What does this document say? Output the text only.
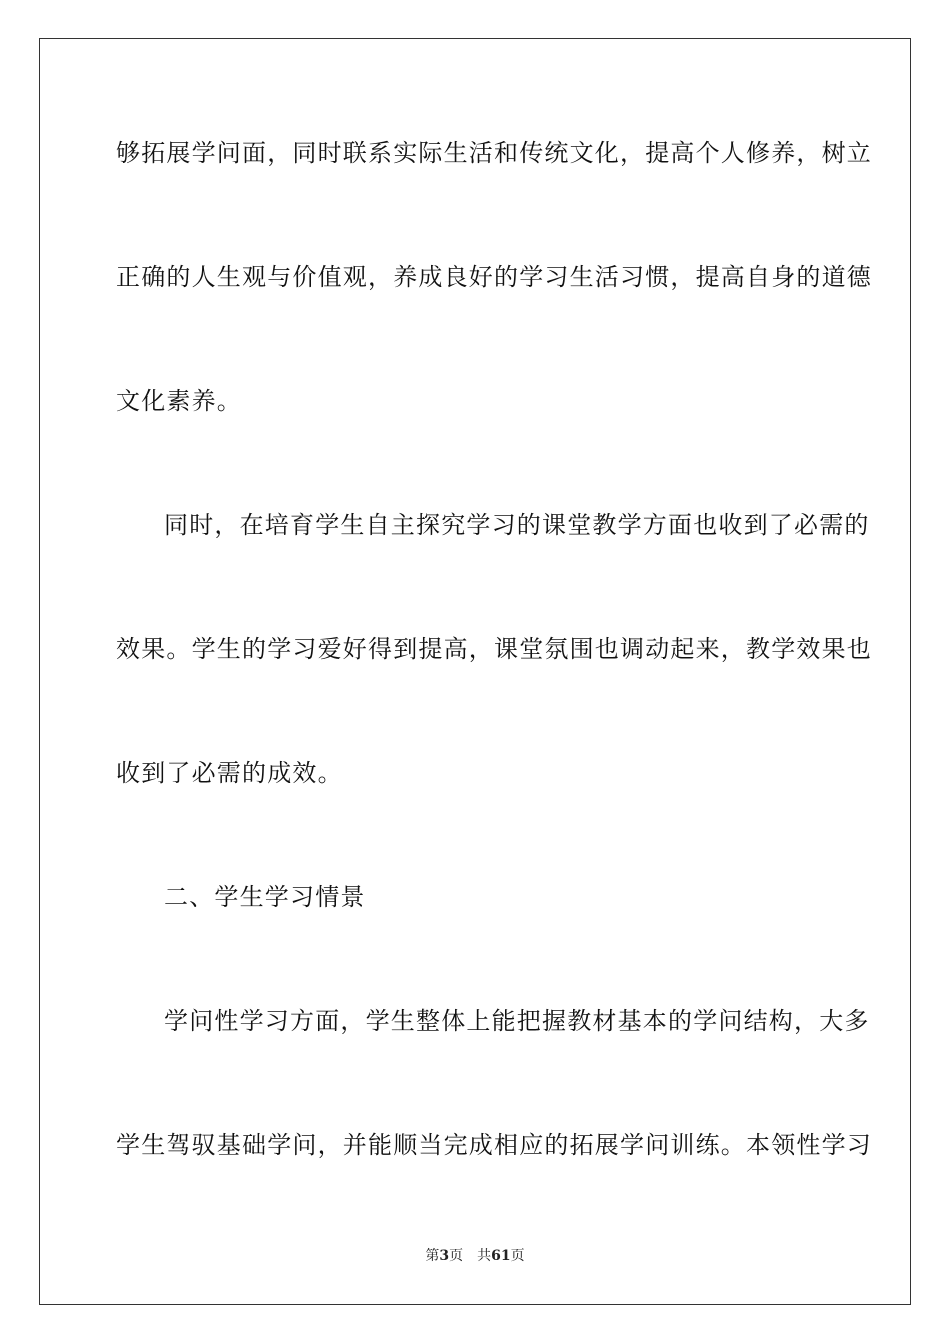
够拓展学问面，同时联系实际生活和传统文化，提高个人修养，树立
正确的人生观与价值观，养成良好的学习生活习惯，提高自身的道德
文化素养。
同时，在培育学生自主探究学习的课堂教学方面也收到了必需的
效果。学生的学习爱好得到提高，课堂氛围也调动起来，教学效果也
收到了必需的成效。
二、学生学习情景
学问性学习方面，学生整体上能把握教材基本的学问结构，大多
学生驾驭基础学问，并能顺当完成相应的拓展学问训练。本领性学习
第3页 共61页
